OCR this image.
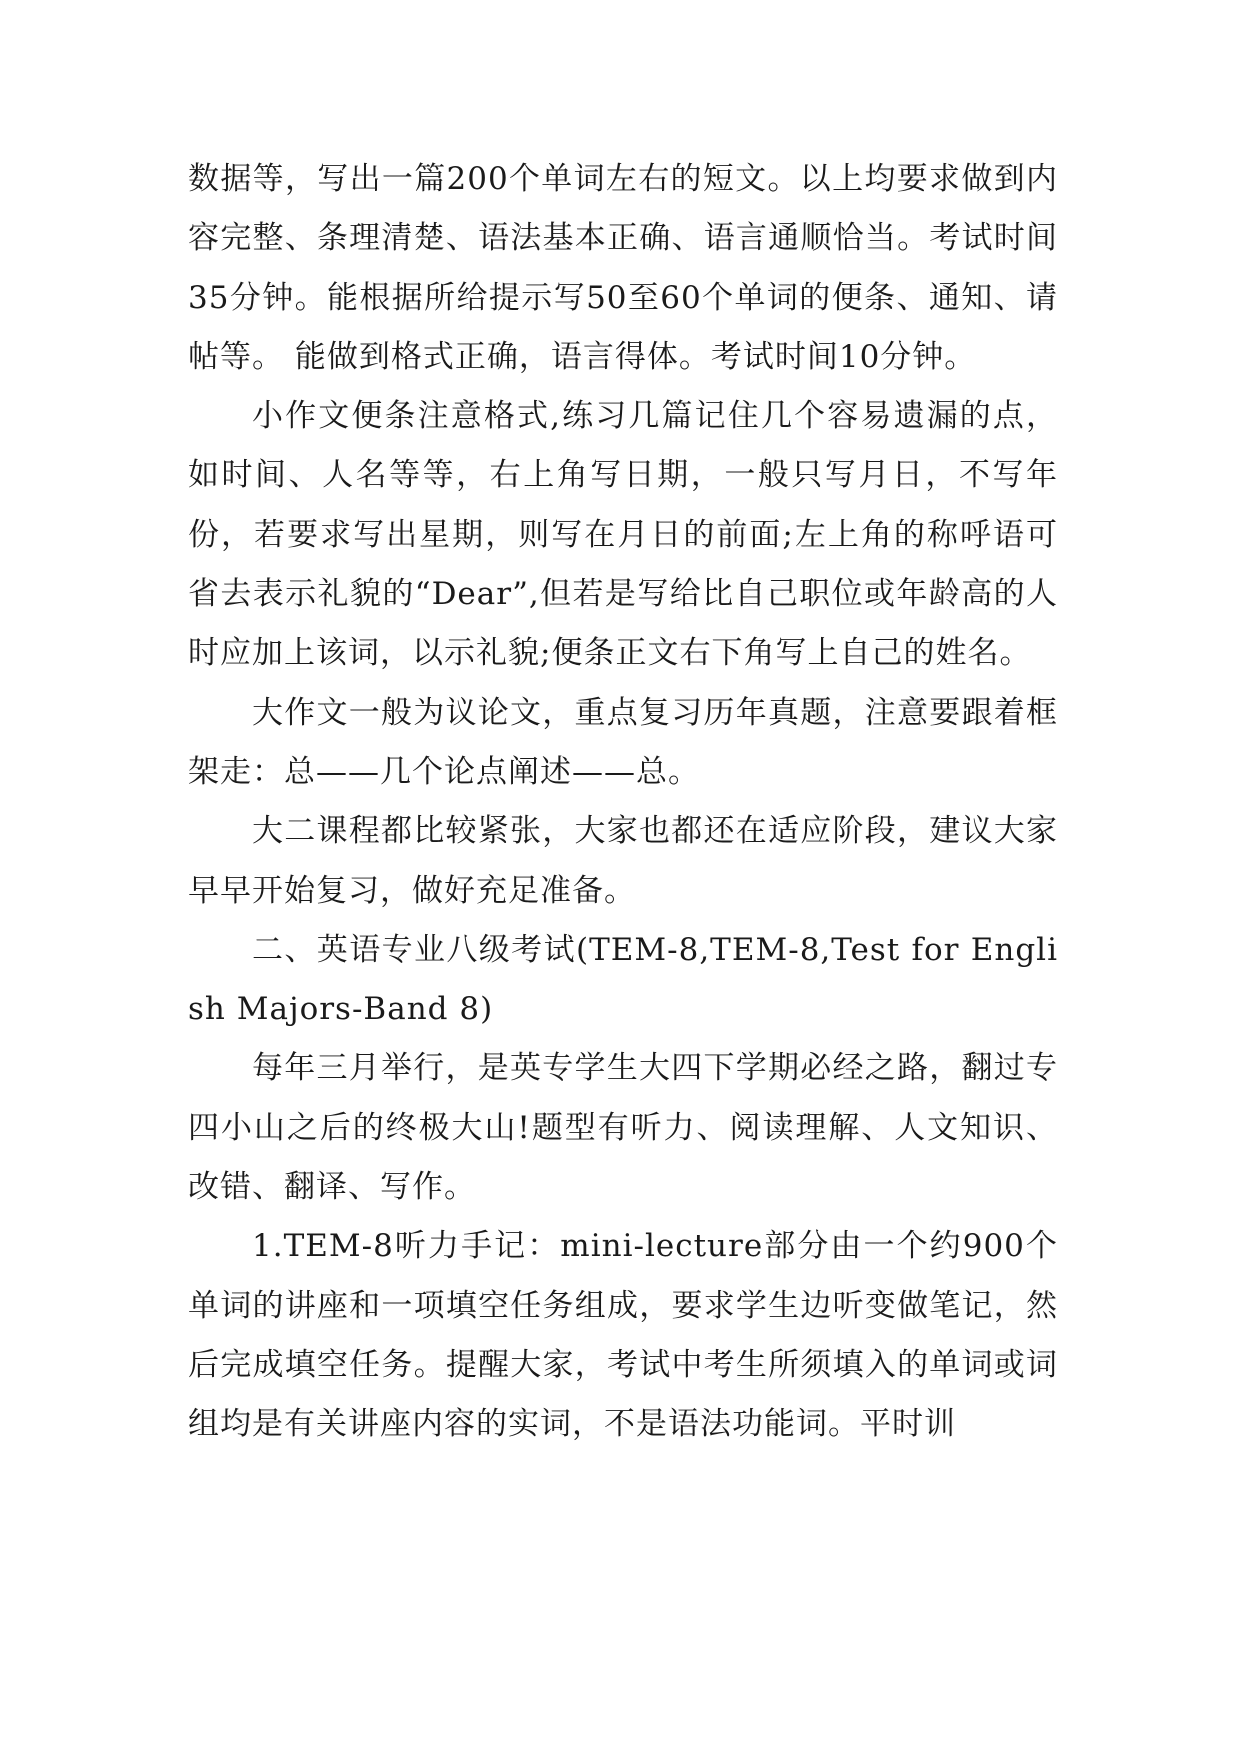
数据等，写出一篇200个单词左右的短文。以上均要求做到内容完整、条理清楚、语法基本正确、语言通顺恰当。考试时间35分钟。能根据所给提示写50至60个单词的便条、通知、请帖等。 能做到格式正确，语言得体。考试时间10分钟。

小作文便条注意格式,练习几篇记住几个容易遗漏的点，如时间、人名等等，右上角写日期，一般只写月日，不写年份，若要求写出星期，则写在月日的前面;左上角的称呼语可省去表示礼貌的“Dear”,但若是写给比自己职位或年龄高的人时应加上该词，以示礼貌;便条正文右下角写上自己的姓名。

大作文一般为议论文，重点复习历年真题，注意要跟着框架走：总——几个论点阐述——总。

大二课程都比较紧张，大家也都还在适应阶段，建议大家早早开始复习，做好充足准备。

二、英语专业八级考试(TEM-8,TEM-8,Test for English Majors-Band 8)

每年三月举行，是英专学生大四下学期必经之路，翻过专四小山之后的终极大山!题型有听力、阅读理解、人文知识、改错、翻译、写作。

1.TEM-8听力手记：mini-lecture部分由一个约900个单词的讲座和一项填空任务组成，要求学生边听变做笔记，然后完成填空任务。提醒大家，考试中考生所须填入的单词或词组均是有关讲座内容的实词，不是语法功能词。平时训
